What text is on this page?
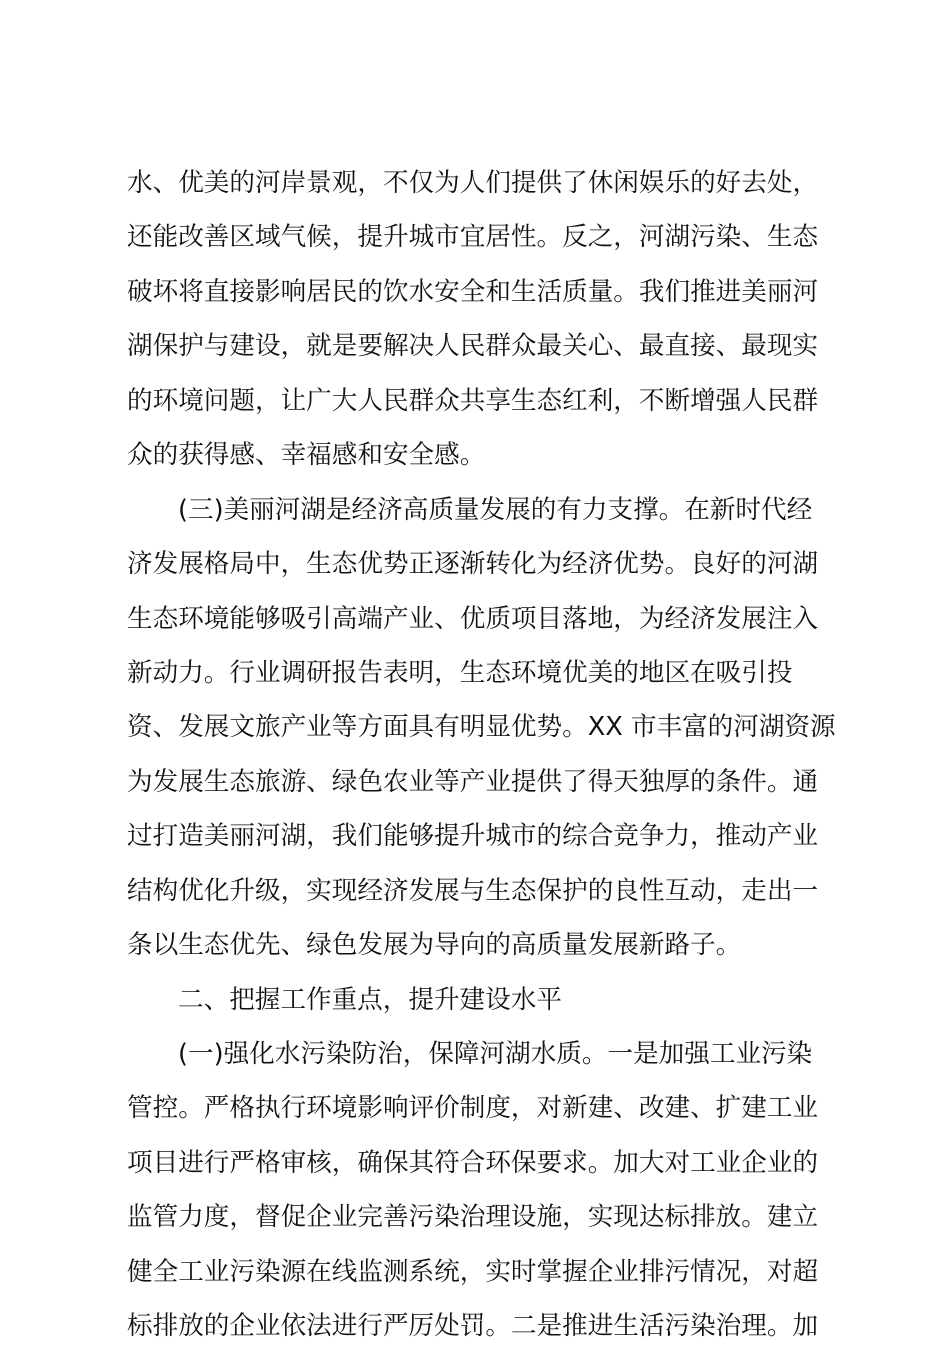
水、优美的河岸景观，不仅为人们提供了休闲娱乐的好去处，
还能改善区域气候，提升城市宜居性。反之，河湖污染、生态
破坏将直接影响居民的饮水安全和生活质量。我们推进美丽河
湖保护与建设，就是要解决人民群众最关心、最直接、最现实
的环境问题，让广大人民群众共享生态红利，不断增强人民群
众的获得感、幸福感和安全感。
(三)美丽河湖是经济高质量发展的有力支撑。在新时代经
济发展格局中，生态优势正逐渐转化为经济优势。良好的河湖
生态环境能够吸引高端产业、优质项目落地，为经济发展注入
新动力。行业调研报告表明，生态环境优美的地区在吸引投
资、发展文旅产业等方面具有明显优势。XX 市丰富的河湖资源
为发展生态旅游、绿色农业等产业提供了得天独厚的条件。通
过打造美丽河湖，我们能够提升城市的综合竞争力，推动产业
结构优化升级，实现经济发展与生态保护的良性互动，走出一
条以生态优先、绿色发展为导向的高质量发展新路子。
二、把握工作重点，提升建设水平
(一)强化水污染防治，保障河湖水质。一是加强工业污染
管控。严格执行环境影响评价制度，对新建、改建、扩建工业
项目进行严格审核，确保其符合环保要求。加大对工业企业的
监管力度，督促企业完善污染治理设施，实现达标排放。建立
健全工业污染源在线监测系统，实时掌握企业排污情况，对超
标排放的企业依法进行严厉处罚。二是推进生活污染治理。加
